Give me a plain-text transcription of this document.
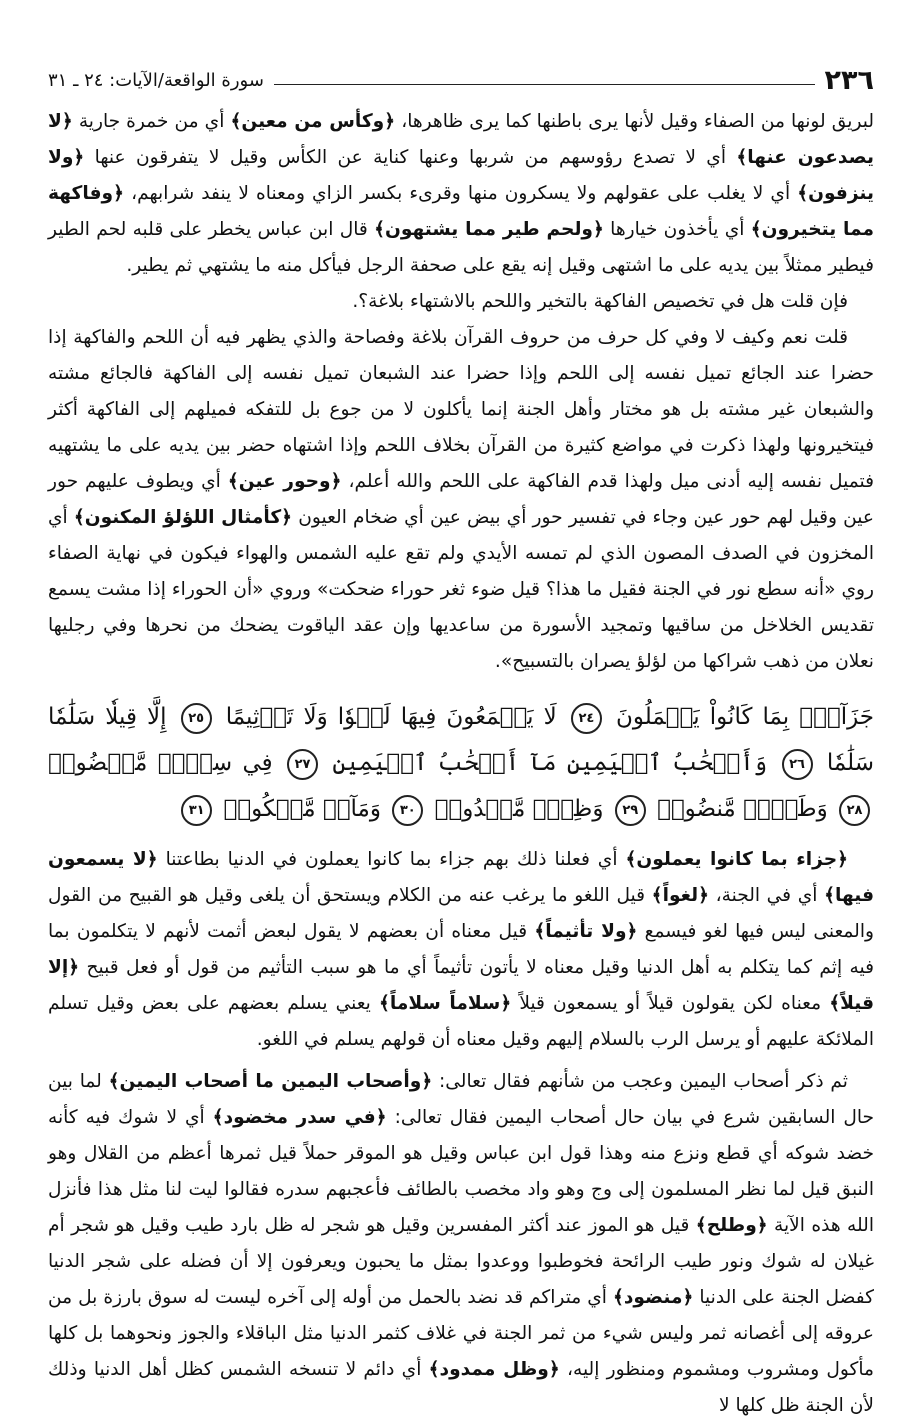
٢٣٦
سورة الواقعة/الآيات: ٢٤ ـ ٣١

لبريق لونها من الصفاء وقيل لأنها يرى باطنها كما يرى ظاهرها، ﴿وكأس من معين﴾ أي من خمرة جارية ﴿لا يصدعون عنها﴾ أي لا تصدع رؤوسهم من شربها وعنها كناية عن الكأس وقيل لا يتفرقون عنها ﴿ولا ينزفون﴾ أي لا يغلب على عقولهم ولا يسكرون منها وقرىء بكسر الزاي ومعناه لا ينفد شرابهم، ﴿وفاكهة مما يتخيرون﴾ أي يأخذون خيارها ﴿ولحم طير مما يشتهون﴾ قال ابن عباس يخطر على قلبه لحم الطير فيطير ممثلاً بين يديه على ما اشتهى وقيل إنه يقع على صحفة الرجل فيأكل منه ما يشتهي ثم يطير.

فإن قلت هل في تخصيص الفاكهة بالتخير واللحم بالاشتهاء بلاغة؟.

قلت نعم وكيف لا وفي كل حرف من حروف القرآن بلاغة وفصاحة والذي يظهر فيه أن اللحم والفاكهة إذا حضرا عند الجائع تميل نفسه إلى اللحم وإذا حضرا عند الشبعان تميل نفسه إلى الفاكهة فالجائع مشته والشبعان غير مشته بل هو مختار وأهل الجنة إنما يأكلون لا من جوع بل للتفكه فميلهم إلى الفاكهة أكثر فيتخيرونها ولهذا ذكرت في مواضع كثيرة من القرآن بخلاف اللحم وإذا اشتهاه حضر بين يديه على ما يشتهيه فتميل نفسه إليه أدنى ميل ولهذا قدم الفاكهة على اللحم والله أعلم، ﴿وحور عين﴾ أي ويطوف عليهم حور عين وقيل لهم حور عين وجاء في تفسير حور أي بيض عين أي ضخام العيون ﴿كأمثال اللؤلؤ المكنون﴾ أي المخزون في الصدف المصون الذي لم تمسه الأيدي ولم تقع عليه الشمس والهواء فيكون في نهاية الصفاء روي «أنه سطع نور في الجنة فقيل ما هذا؟ قيل ضوء ثغر حوراء ضحكت» وروي «أن الحوراء إذا مشت يسمع تقديس الخلاخل من ساقيها وتمجيد الأسورة من ساعديها وإن عقد الياقوت يضحك من نحرها وفي رجليها نعلان من ذهب شراكها من لؤلؤ يصران بالتسبيح».

جَزَآءَۢ بِمَا كَانُواْ يَعۡمَلُونَ ٢٤ لَا يَسۡمَعُونَ فِيهَا لَغۡوٗا وَلَا تَأۡثِيمًا ٢٥ إِلَّا قِيلٗا سَلَٰمٗا سَلَٰمٗا ٢٦ وَأَصۡحَٰبُ ٱلۡيَمِينِ مَآ أَصۡحَٰبُ ٱلۡيَمِينِ ٢٧ فِي سِدۡرٖ مَّخۡضُودٖ ٢٨ وَطَلۡحٖ مَّنضُودٖ ٢٩ وَظِلّٖ مَّمۡدُودٖ ٣٠ وَمَآءٖ مَّسۡكُوبٖ ٣١

﴿جزاء بما كانوا يعملون﴾ أي فعلنا ذلك بهم جزاء بما كانوا يعملون في الدنيا بطاعتنا ﴿لا يسمعون فيها﴾ أي في الجنة، ﴿لغواً﴾ قيل اللغو ما يرغب عنه من الكلام ويستحق أن يلغى وقيل هو القبيح من القول والمعنى ليس فيها لغو فيسمع ﴿ولا تأثيماً﴾ قيل معناه أن بعضهم لا يقول لبعض أثمت لأنهم لا يتكلمون بما فيه إثم كما يتكلم به أهل الدنيا وقيل معناه لا يأتون تأثيماً أي ما هو سبب التأثيم من قول أو فعل قبيح ﴿إلا قيلاً﴾ معناه لكن يقولون قيلاً أو يسمعون قيلاً ﴿سلاماً سلاماً﴾ يعني يسلم بعضهم على بعض وقيل تسلم الملائكة عليهم أو يرسل الرب بالسلام إليهم وقيل معناه أن قولهم يسلم في اللغو.

ثم ذكر أصحاب اليمين وعجب من شأنهم فقال تعالى: ﴿وأصحاب اليمين ما أصحاب اليمين﴾ لما بين حال السابقين شرع في بيان حال أصحاب اليمين فقال تعالى: ﴿في سدر مخضود﴾ أي لا شوك فيه كأنه خضد شوكه أي قطع ونزع منه وهذا قول ابن عباس وقيل هو الموقر حملاً قيل ثمرها أعظم من القلال وهو النبق قيل لما نظر المسلمون إلى وج وهو واد مخصب بالطائف فأعجبهم سدره فقالوا ليت لنا مثل هذا فأنزل الله هذه الآية ﴿وطلح﴾ قيل هو الموز عند أكثر المفسرين وقيل هو شجر له ظل بارد طيب وقيل هو شجر أم غيلان له شوك ونور طيب الرائحة فخوطبوا ووعدوا بمثل ما يحبون ويعرفون إلا أن فضله على شجر الدنيا كفضل الجنة على الدنيا ﴿منضود﴾ أي متراكم قد نضد بالحمل من أوله إلى آخره ليست له سوق بارزة بل من عروقه إلى أغصانه ثمر وليس شيء من ثمر الجنة في غلاف كثمر الدنيا مثل الباقلاء والجوز ونحوهما بل كلها مأكول ومشروب ومشموم ومنظور إليه، ﴿وظل ممدود﴾ أي دائم لا تنسخه الشمس كظل أهل الدنيا وذلك لأن الجنة ظل كلها لا
